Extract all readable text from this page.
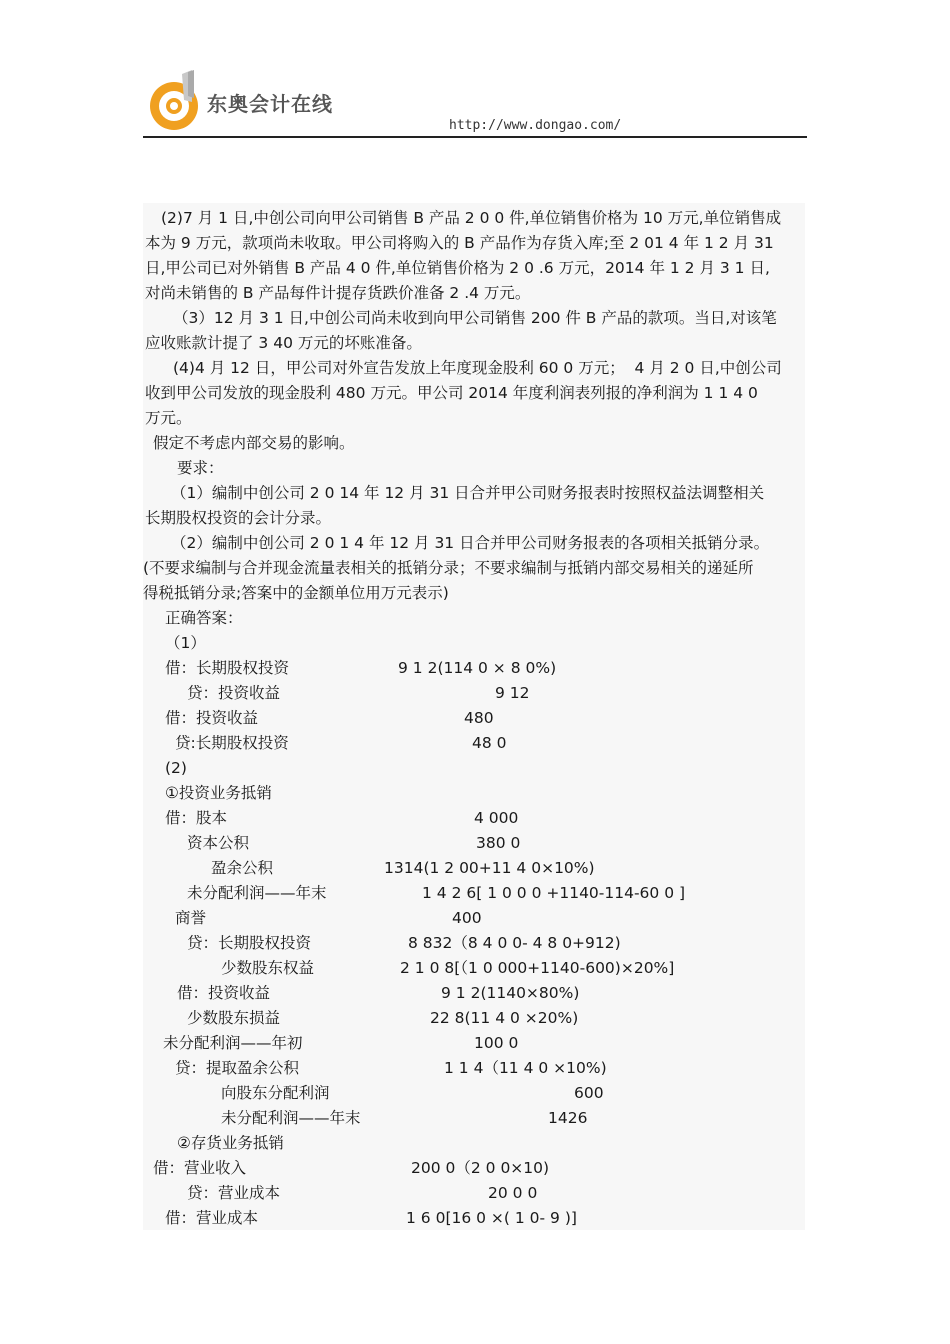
东奥会计在线
http://www.dongao.com/
(2)7 月 1 日,中创公司向甲公司销售 B 产品 2 0 0 件,单位销售价格为 10 万元,单位销售成
本为 9 万元，款项尚未收取。甲公司将购入的 B 产品作为存货入库;至 2 01 4 年 1 2 月 31
日,甲公司已对外销售 B 产品 4 0 件,单位销售价格为 2 0 .6 万元，2014 年 1 2 月 3 1 日,
对尚未销售的 B 产品每件计提存货跌价准备 2 .4 万元。
（3）12 月 3 1 日,中创公司尚未收到向甲公司销售 200 件 B 产品的款项。当日,对该笔
应收账款计提了 3 40 万元的坏账准备。
(4)4 月 12 日，甲公司对外宣告发放上年度现金股利 60 0 万元；  4 月 2 0 日,中创公司
收到甲公司发放的现金股利 480 万元。甲公司 2014 年度利润表列报的净利润为 1 1 4 0
万元。
假定不考虑内部交易的影响。
要求：
（1）编制中创公司 2 0 14 年 12 月 31 日合并甲公司财务报表时按照权益法调整相关
长期股权投资的会计分录。
（2）编制中创公司 2 0 1 4 年 12 月 31 日合并甲公司财务报表的各项相关抵销分录。
(不要求编制与合并现金流量表相关的抵销分录；不要求编制与抵销内部交易相关的递延所
得税抵销分录;答案中的金额单位用万元表示)
正确答案：
（1）
借：长期股权投资	9 1 2(114 0 × 8 0%)
贷：投资收益	9 12
借：投资收益	480
贷:长期股权投资	48 0
(2)
①投资业务抵销
借：股本	4 000
资本公积	380 0
盈余公积	1314(1 2 00+11 4 0×10%)
未分配利润——年末	1 4 2 6[ 1 0 0 0 +1140-114-60 0 ]
商誉	400
贷：长期股权投资	8 832（8 4 0 0- 4 8 0+912)
少数股东权益	2 1 0 8[（1 0 000+1140-600)×20%]
借：投资收益	9 1 2(1140×80%)
少数股东损益	22 8(11 4 0 ×20%)
未分配利润——年初	100 0
贷：提取盈余公积	1 1 4（11 4 0 ×10%)
向股东分配利润	600
未分配利润——年末	1426
②存货业务抵销
借：营业收入	200 0（2 0 0×10)
贷：营业成本	20 0 0
借：营业成本	1 6 0[16 0 ×( 1 0- 9 )]
